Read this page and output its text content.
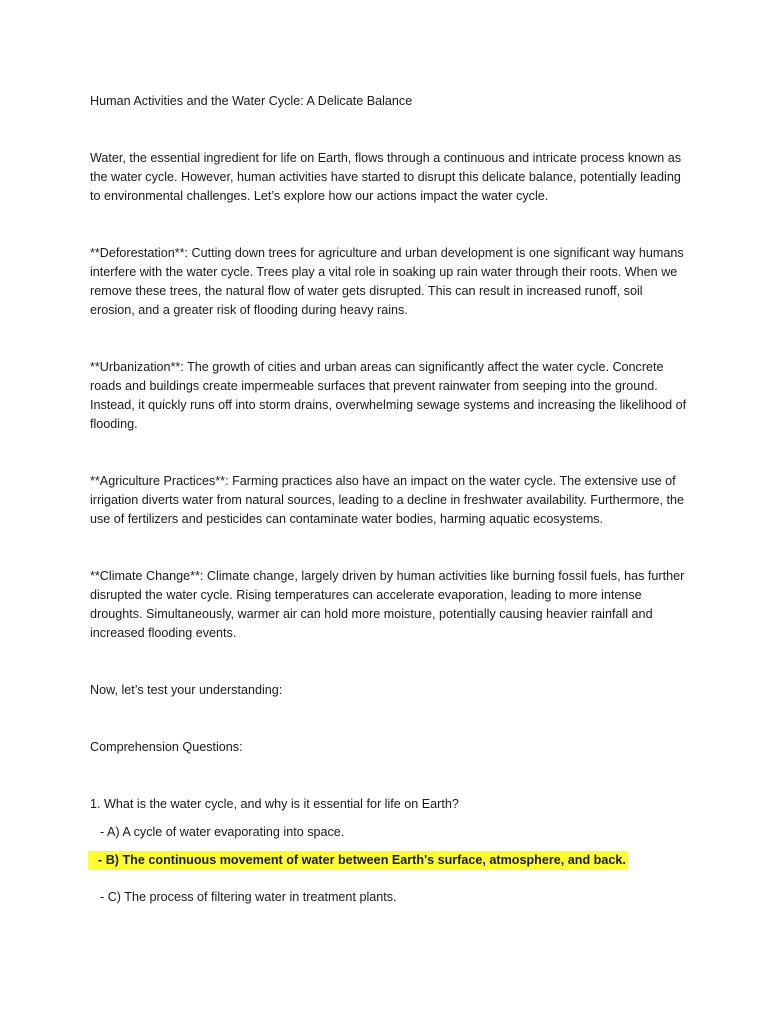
Human Activities and the Water Cycle: A Delicate Balance

Water, the essential ingredient for life on Earth, flows through a continuous and intricate process known as the water cycle. However, human activities have started to disrupt this delicate balance, potentially leading to environmental challenges. Let’s explore how our actions impact the water cycle.

**Deforestation**: Cutting down trees for agriculture and urban development is one significant way humans interfere with the water cycle. Trees play a vital role in soaking up rain water through their roots. When we remove these trees, the natural flow of water gets disrupted. This can result in increased runoff, soil erosion, and a greater risk of flooding during heavy rains.

**Urbanization**: The growth of cities and urban areas can significantly affect the water cycle. Concrete roads and buildings create impermeable surfaces that prevent rainwater from seeping into the ground. Instead, it quickly runs off into storm drains, overwhelming sewage systems and increasing the likelihood of flooding.

**Agriculture Practices**: Farming practices also have an impact on the water cycle. The extensive use of irrigation diverts water from natural sources, leading to a decline in freshwater availability. Furthermore, the use of fertilizers and pesticides can contaminate water bodies, harming aquatic ecosystems.

**Climate Change**: Climate change, largely driven by human activities like burning fossil fuels, has further disrupted the water cycle. Rising temperatures can accelerate evaporation, leading to more intense droughts. Simultaneously, warmer air can hold more moisture, potentially causing heavier rainfall and increased flooding events.

Now, let’s test your understanding:

Comprehension Questions:

1. What is the water cycle, and why is it essential for life on Earth?

- A) A cycle of water evaporating into space.

- B) The continuous movement of water between Earth's surface, atmosphere, and back.

- C) The process of filtering water in treatment plants.
